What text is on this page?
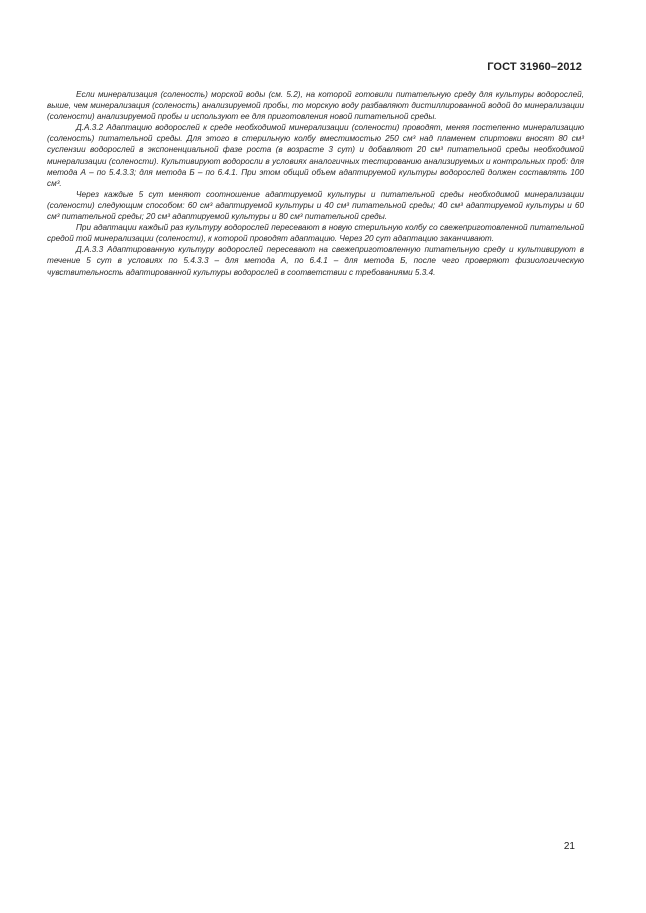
ГОСТ 31960–2012

Если минерализация (соленость) морской воды (см. 5.2), на которой готовили питательную среду для культуры водорослей, выше, чем минерализация (соленость) анализируемой пробы, то морскую воду разбавляют дистиллированной водой до минерализации (солености) анализируемой пробы и используют ее для приготовления новой питательной среды.

Д.А.3.2 Адаптацию водорослей к среде необходимой минерализации (солености) проводят, меняя постепенно минерализацию (соленость) питательной среды. Для этого в стерильную колбу вместимостью 250 см³ над пламенем спиртовки вносят 80 см³ суспензии водорослей в экспоненциальной фазе роста (в возрасте 3 сут) и добавляют 20 см³ питательной среды необходимой минерализации (солености). Культивируют водоросли в условиях аналогичных тестированию анализируемых и контрольных проб: для метода А – по 5.4.3.3; для метода Б – по 6.4.1. При этом общий объем адаптируемой культуры водорослей должен составлять 100 см³.

Через каждые 5 сут меняют соотношение адаптируемой культуры и питательной среды необходимой минерализации (солености) следующим способом: 60 см³ адаптируемой культуры и 40 см³ питательной среды; 40 см³ адаптируемой культуры и 60 см³ питательной среды; 20 см³ адаптируемой культуры и 80 см³ питательной среды.

При адаптации каждый раз культуру водорослей пересевают в новую стерильную колбу со свежеприготовленной питательной средой той минерализации (солености), к которой проводят адаптацию. Через 20 сут адаптацию заканчивают.

Д.А.3.3 Адаптированную культуру водорослей пересевают на свежеприготовленную питательную среду и культивируют в течение 5 сут в условиях по 5.4.3.3 – для метода А, по 6.4.1 – для метода Б, после чего проверяют физиологическую чувствительность адаптированной культуры водорослей в соответствии с требованиями 5.3.4.

21
